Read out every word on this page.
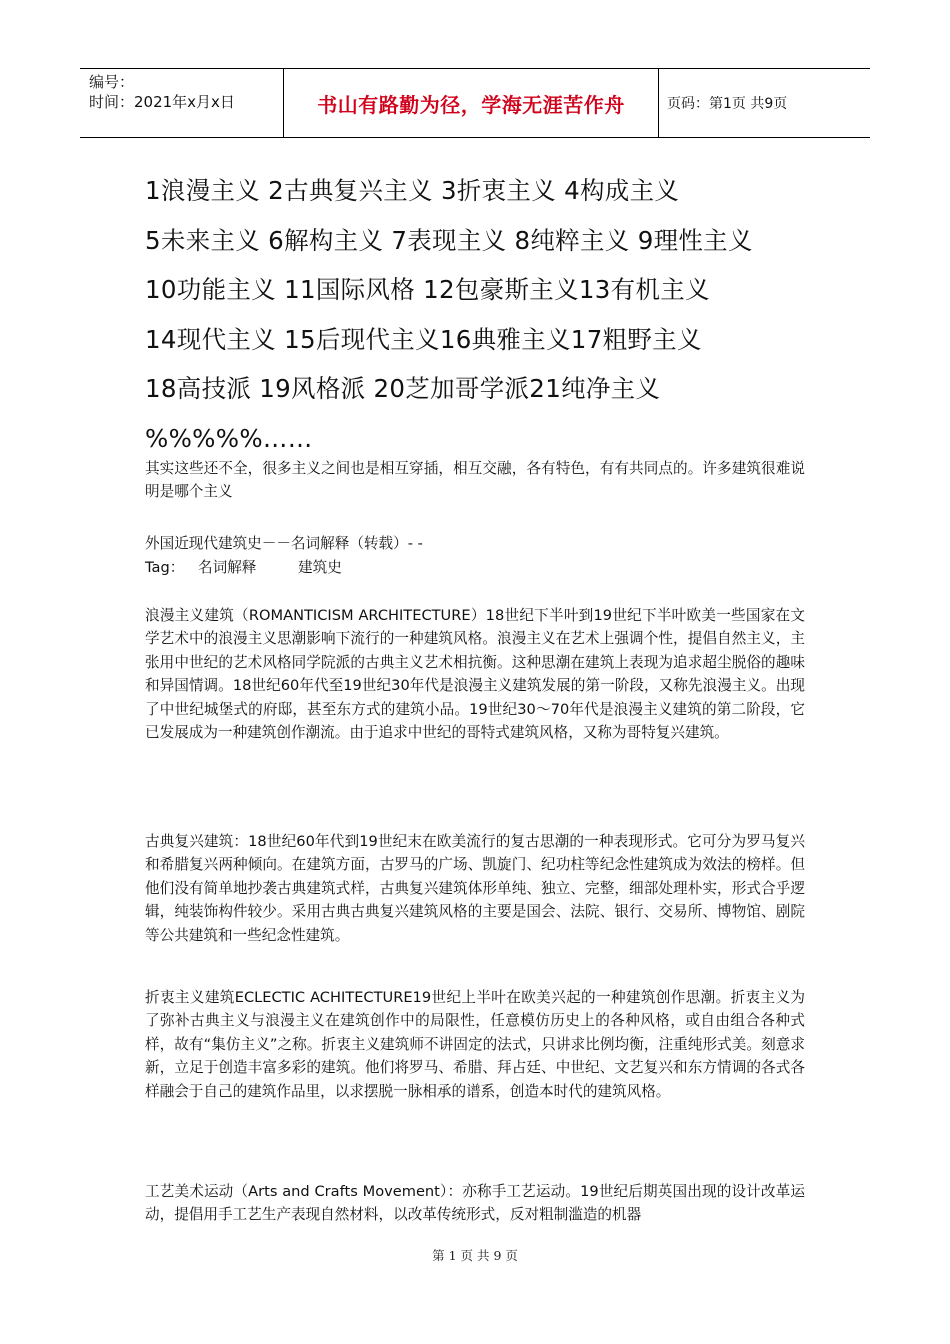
编号：
时间：2021年x月x日	书山有路勤为径，学海无涯苦作舟	页码：第1页 共9页
1浪漫主义 2古典复兴主义 3折衷主义 4构成主义
5未来主义 6解构主义 7表现主义 8纯粹主义 9理性主义
10功能主义 11国际风格 12包豪斯主义13有机主义
14现代主义 15后现代主义16典雅主义17粗野主义
18高技派 19风格派 20芝加哥学派21纯净主义
%%%%%……
其实这些还不全，很多主义之间也是相互穿插，相互交融，各有特色，有有共同点的。许多建筑很难说明是哪个主义
外国近现代建筑史－－名词解释（转载）- -
Tag： 名词解释	建筑史
浪漫主义建筑（ROMANTICISM ARCHITECTURE）18世纪下半叶到19世纪下半叶欧美一些国家在文学艺术中的浪漫主义思潮影响下流行的一种建筑风格。浪漫主义在艺术上强调个性，提倡自然主义，主张用中世纪的艺术风格同学院派的古典主义艺术相抗衡。这种思潮在建筑上表现为追求超尘脱俗的趣味和异国情调。18世纪60年代至19世纪30年代是浪漫主义建筑发展的第一阶段，又称先浪漫主义。出现了中世纪城堡式的府邸，甚至东方式的建筑小品。19世纪30～70年代是浪漫主义建筑的第二阶段，它已发展成为一种建筑创作潮流。由于追求中世纪的哥特式建筑风格，又称为哥特复兴建筑。
古典复兴建筑：18世纪60年代到19世纪末在欧美流行的复古思潮的一种表现形式。它可分为罗马复兴和希腊复兴两种倾向。在建筑方面，古罗马的广场、凯旋门、纪功柱等纪念性建筑成为效法的榜样。但他们没有简单地抄袭古典建筑式样，古典复兴建筑体形单纯、独立、完整，细部处理朴实，形式合乎逻辑，纯装饰构件较少。采用古典古典复兴建筑风格的主要是国会、法院、银行、交易所、博物馆、剧院等公共建筑和一些纪念性建筑。
折衷主义建筑ECLECTIC ACHITECTURE19世纪上半叶在欧美兴起的一种建筑创作思潮。折衷主义为了弥补古典主义与浪漫主义在建筑创作中的局限性，任意模仿历史上的各种风格，或自由组合各种式样，故有“集仿主义”之称。折衷主义建筑师不讲固定的法式，只讲求比例均衡，注重纯形式美。刻意求新，立足于创造丰富多彩的建筑。他们将罗马、希腊、拜占廷、中世纪、文艺复兴和东方情调的各式各样融会于自己的建筑作品里，以求摆脱一脉相承的谱系，创造本时代的建筑风格。
工艺美术运动（Arts and Crafts Movement）：亦称手工艺运动。19世纪后期英国出现的设计改革运动，提倡用手工艺生产表现自然材料，以改革传统形式，反对粗制滥造的机器
第 1 页 共 9 页
